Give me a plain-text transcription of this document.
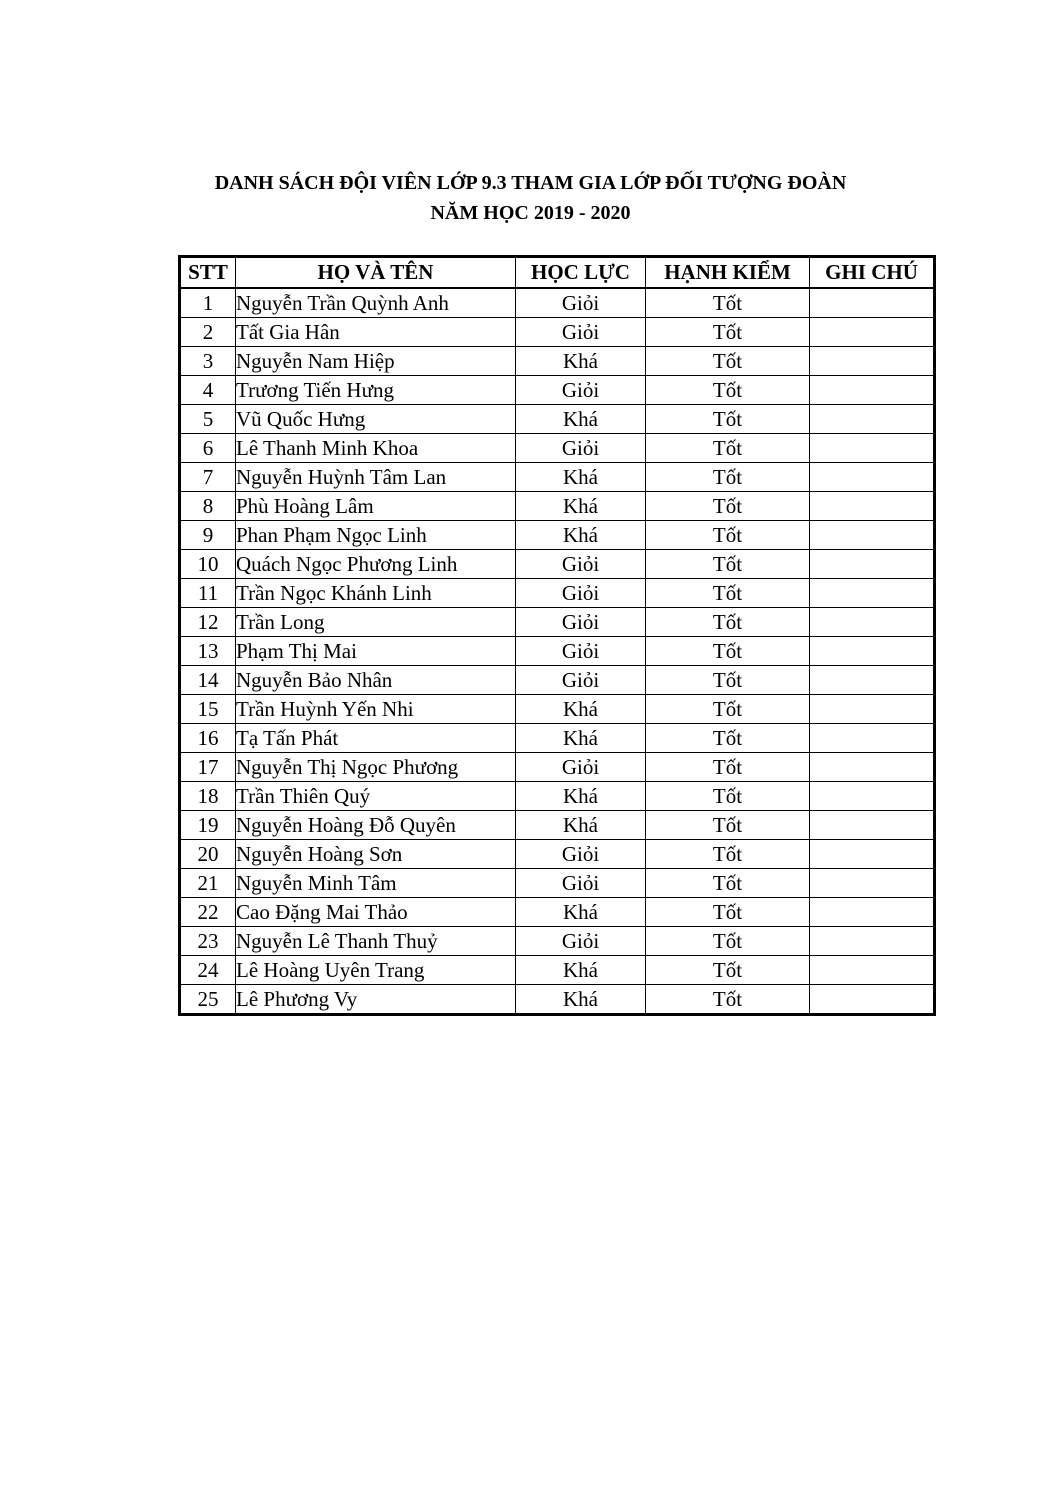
DANH SÁCH ĐỘI VIÊN LỚP 9.3 THAM GIA LỚP ĐỐI TƯỢNG ĐOÀN
NĂM HỌC 2019 - 2020
STT	HỌ VÀ TÊN	HỌC LỰC	HẠNH KIỂM	GHI CHÚ
1	Nguyễn Trần Quỳnh Anh	Giỏi	Tốt	
2	Tất Gia Hân	Giỏi	Tốt	
3	Nguyễn Nam Hiệp	Khá	Tốt	
4	Trương Tiến Hưng	Giỏi	Tốt	
5	Vũ Quốc Hưng	Khá	Tốt	
6	Lê Thanh Minh Khoa	Giỏi	Tốt	
7	Nguyễn Huỳnh Tâm Lan	Khá	Tốt	
8	Phù Hoàng Lâm	Khá	Tốt	
9	Phan Phạm Ngọc Linh	Khá	Tốt	
10	Quách Ngọc Phương Linh	Giỏi	Tốt	
11	Trần Ngọc Khánh Linh	Giỏi	Tốt	
12	Trần Long	Giỏi	Tốt	
13	Phạm Thị Mai	Giỏi	Tốt	
14	Nguyễn Bảo Nhân	Giỏi	Tốt	
15	Trần Huỳnh Yến Nhi	Khá	Tốt	
16	Tạ Tấn Phát	Khá	Tốt	
17	Nguyễn Thị Ngọc Phương	Giỏi	Tốt	
18	Trần Thiên Quý	Khá	Tốt	
19	Nguyễn Hoàng Đỗ Quyên	Khá	Tốt	
20	Nguyễn Hoàng Sơn	Giỏi	Tốt	
21	Nguyễn Minh Tâm	Giỏi	Tốt	
22	Cao Đặng Mai Thảo	Khá	Tốt	
23	Nguyễn Lê Thanh Thuỷ	Giỏi	Tốt	
24	Lê Hoàng Uyên Trang	Khá	Tốt	
25	Lê Phương Vy	Khá	Tốt	
